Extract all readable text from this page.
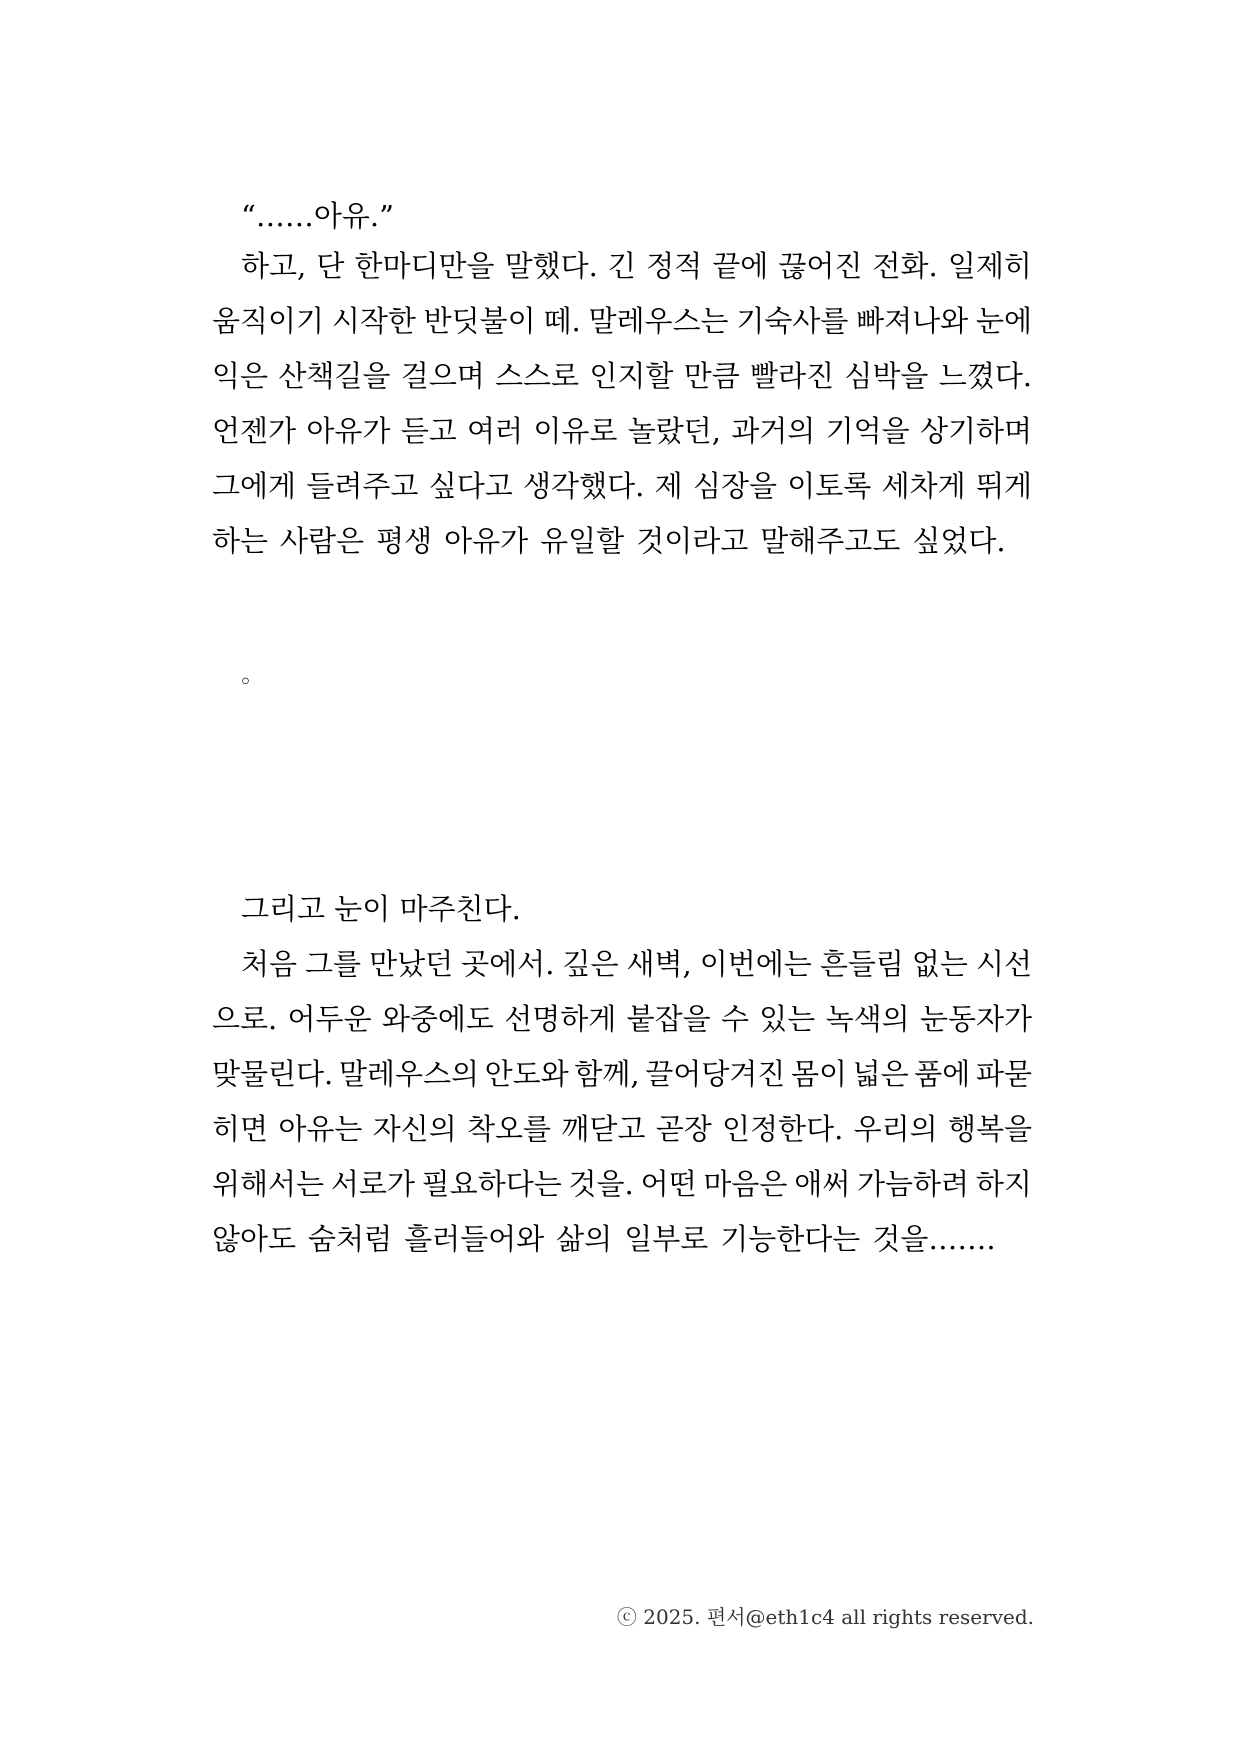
“……아유.”
하고, 단 한마디만을 말했다. 긴 정적 끝에 끊어진 전화. 일제히
움직이기 시작한 반딧불이 떼. 말레우스는 기숙사를 빠져나와 눈에
익은 산책길을 걸으며 스스로 인지할 만큼 빨라진 심박을 느꼈다.
언젠가 아유가 듣고 여러 이유로 놀랐던, 과거의 기억을 상기하며
그에게 들려주고 싶다고 생각했다. 제 심장을 이토록 세차게 뛰게
하는 사람은 평생 아유가 유일할 것이라고 말해주고도 싶었다.
◦
그리고 눈이 마주친다.
처음 그를 만났던 곳에서. 깊은 새벽, 이번에는 흔들림 없는 시선
으로. 어두운 와중에도 선명하게 붙잡을 수 있는 녹색의 눈동자가
맞물린다. 말레우스의 안도와 함께, 끌어당겨진 몸이 넓은 품에 파묻
히면 아유는 자신의 착오를 깨닫고 곧장 인정한다. 우리의 행복을
위해서는 서로가 필요하다는 것을. 어떤 마음은 애써 가늠하려 하지
않아도 숨처럼 흘러들어와 삶의 일부로 기능한다는 것을…….
ⓒ 2025. 편서@eth1c4 all rights reserved.
